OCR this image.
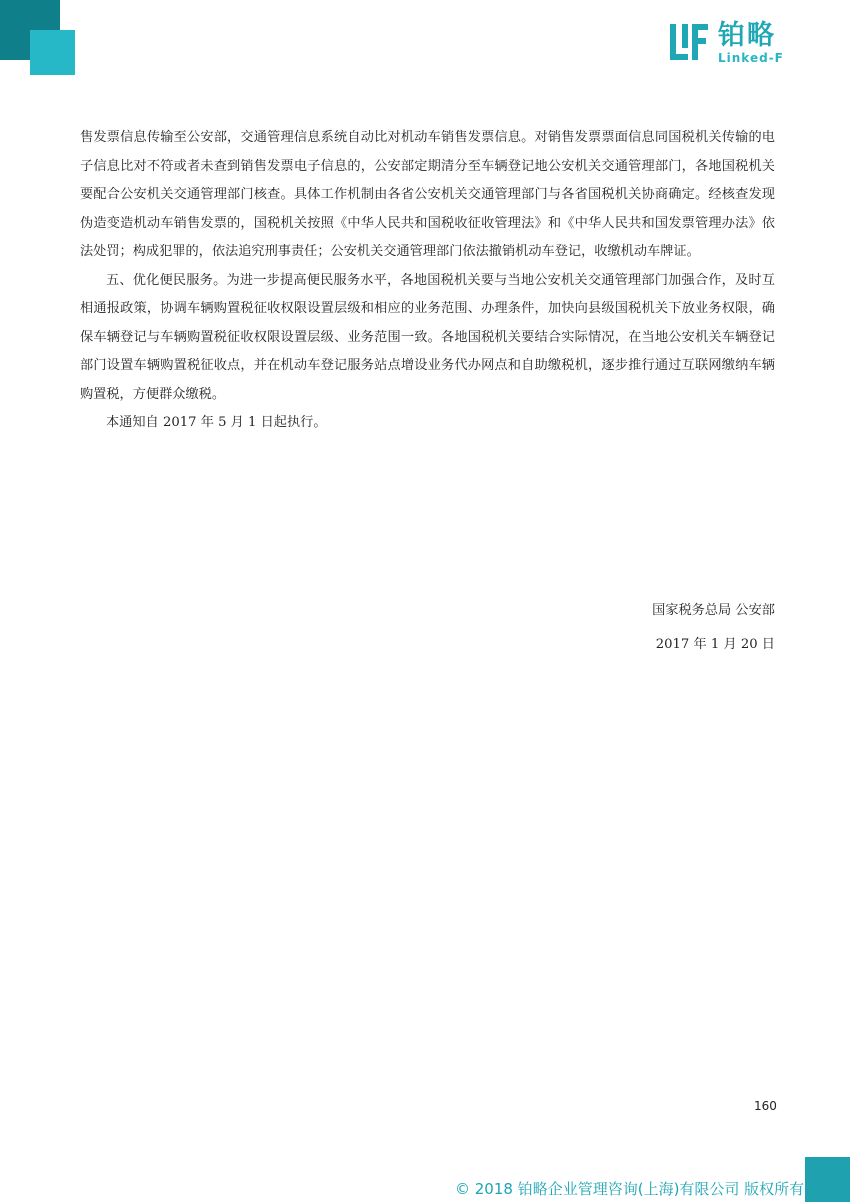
铂略
Linked-F

售发票信息传输至公安部，交通管理信息系统自动比对机动车销售发票信息。对销售发票票面信息同国税机关传输的电子信息比对不符或者未查到销售发票电子信息的，公安部定期清分至车辆登记地公安机关交通管理部门，各地国税机关要配合公安机关交通管理部门核查。具体工作机制由各省公安机关交通管理部门与各省国税机关协商确定。经核查发现伪造变造机动车销售发票的，国税机关按照《中华人民共和国税收征收管理法》和《中华人民共和国发票管理办法》依法处罚；构成犯罪的，依法追究刑事责任；公安机关交通管理部门依法撤销机动车登记，收缴机动车牌证。

五、优化便民服务。为进一步提高便民服务水平，各地国税机关要与当地公安机关交通管理部门加强合作，及时互相通报政策，协调车辆购置税征收权限设置层级和相应的业务范围、办理条件，加快向县级国税机关下放业务权限，确保车辆登记与车辆购置税征收权限设置层级、业务范围一致。各地国税机关要结合实际情况，在当地公安机关车辆登记部门设置车辆购置税征收点，并在机动车登记服务站点增设业务代办网点和自助缴税机，逐步推行通过互联网缴纳车辆购置税，方便群众缴税。

本通知自 2017 年 5 月 1 日起执行。

国家税务总局 公安部
2017 年 1 月 20 日
160
© 2018 铂略企业管理咨询(上海)有限公司 版权所有
